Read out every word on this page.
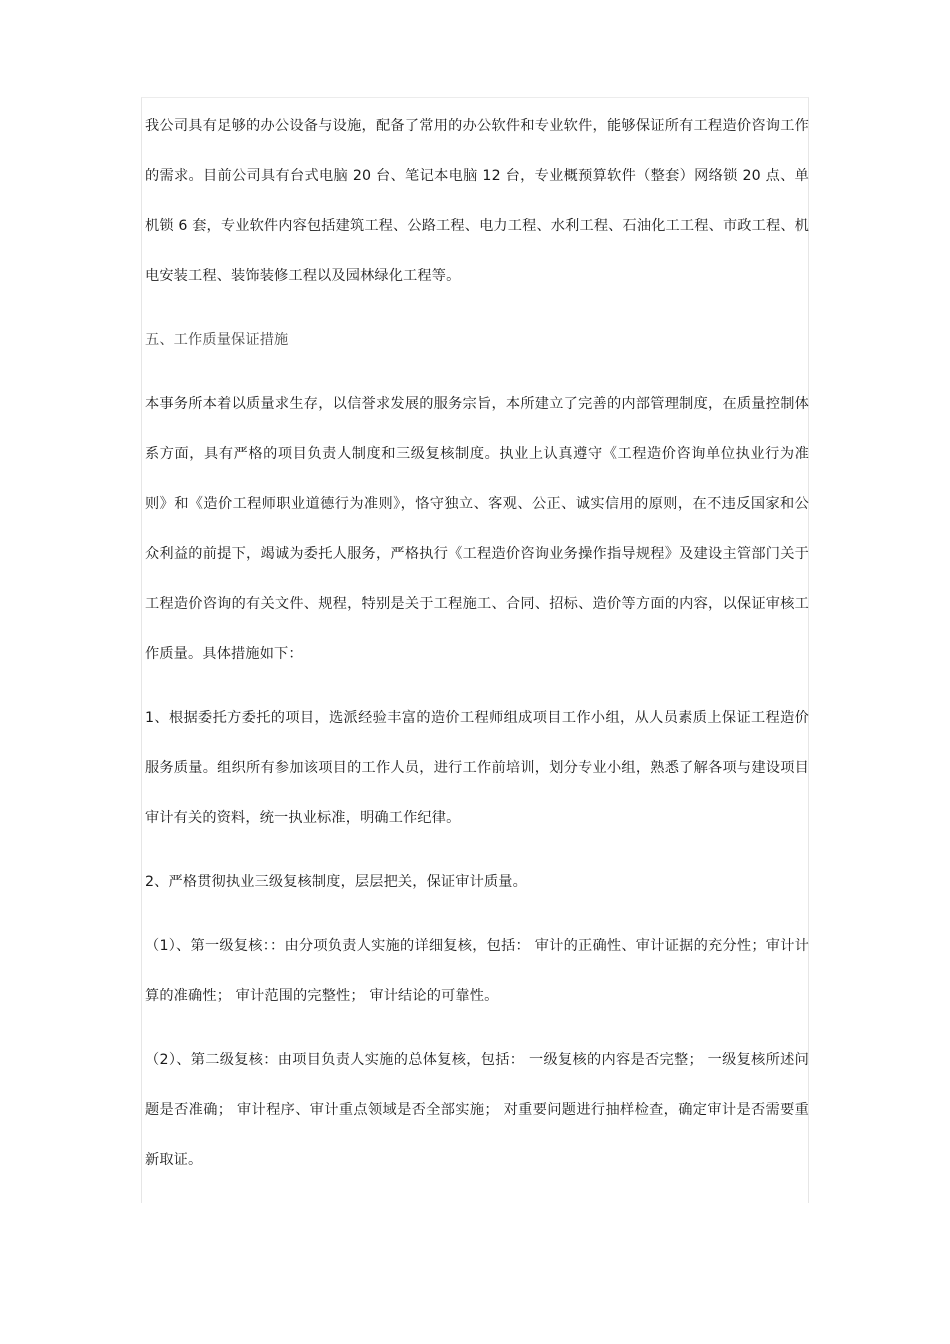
我公司具有足够的办公设备与设施，配备了常用的办公软件和专业软件，能够保证所有工程造价咨询工作的需求。目前公司具有台式电脑 20 台、笔记本电脑 12 台，专业概预算软件（整套）网络锁 20 点、单机锁 6 套，专业软件内容包括建筑工程、公路工程、电力工程、水利工程、石油化工工程、市政工程、机电安装工程、装饰装修工程以及园林绿化工程等。

五、工作质量保证措施

本事务所本着以质量求生存，以信誉求发展的服务宗旨，本所建立了完善的内部管理制度，在质量控制体系方面，具有严格的项目负责人制度和三级复核制度。执业上认真遵守《工程造价咨询单位执业行为准则》和《造价工程师职业道德行为准则》，恪守独立、客观、公正、诚实信用的原则，在不违反国家和公众利益的前提下，竭诚为委托人服务，严格执行《工程造价咨询业务操作指导规程》及建设主管部门关于工程造价咨询的有关文件、规程，特别是关于工程施工、合同、招标、造价等方面的内容，以保证审核工作质量。具体措施如下：

1、根据委托方委托的项目，选派经验丰富的造价工程师组成项目工作小组，从人员素质上保证工程造价服务质量。组织所有参加该项目的工作人员，进行工作前培训，划分专业小组，熟悉了解各项与建设项目审计有关的资料，统一执业标准，明确工作纪律。

2、严格贯彻执业三级复核制度，层层把关，保证审计质量。

（1）、第一级复核：：由分项负责人实施的详细复核，包括： 审计的正确性、审计证据的充分性；审计计算的准确性； 审计范围的完整性； 审计结论的可靠性。

（2）、第二级复核：由项目负责人实施的总体复核，包括： 一级复核的内容是否完整； 一级复核所述问题是否准确； 审计程序、审计重点领域是否全部实施； 对重要问题进行抽样检查，确定审计是否需要重新取证。
